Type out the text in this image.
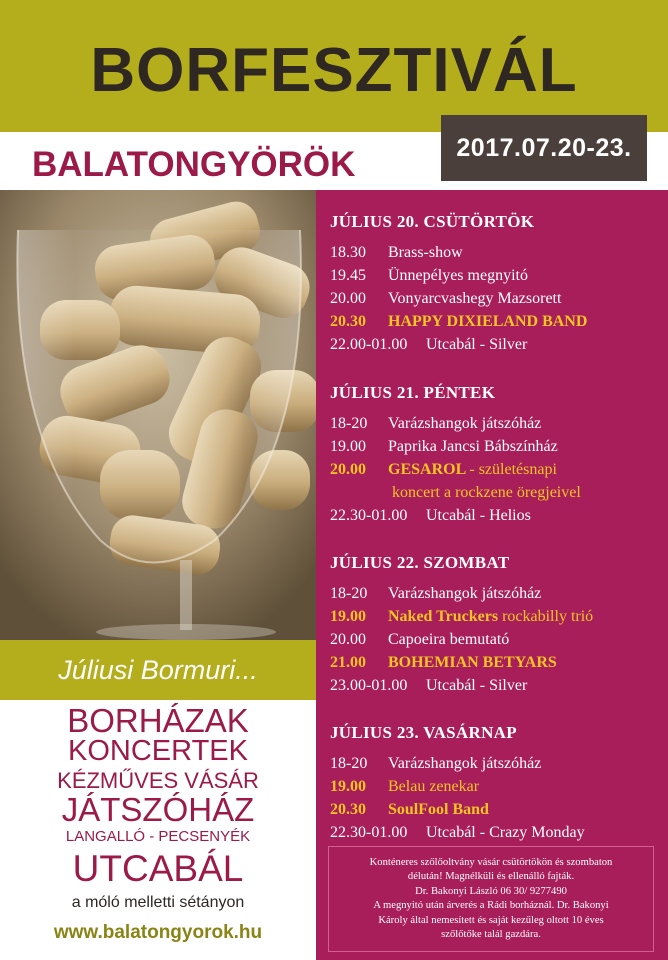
BORFESZTIVÁL
2017.07.20-23.
BALATONGYÖRÖK
JÚLIUS 20. CSÜTÖRTÖK
18.30 Brass-show
19.45 Ünnepélyes megnyitó
20.00 Vonyarcvashegy Mazsorett
20.30 HAPPY DIXIELAND BAND
22.00-01.00 Utcabál - Silver
JÚLIUS 21. PÉNTEK
18-20 Varázshangok játszóház
19.00 Paprika Jancsi Bábszínház
20.00 GESAROL - születésnapi
koncert a rockzene öregjeivel
22.30-01.00 Utcabál - Helios
JÚLIUS 22. SZOMBAT
18-20 Varázshangok játszóház
19.00 Naked Truckers rockabilly trió
20.00 Capoeira bemutató
21.00 BOHEMIAN BETYARS
23.00-01.00 Utcabál - Silver
JÚLIUS 23. VASÁRNAP
18-20 Varázshangok játszóház
19.00 Belau zenekar
20.30 SoulFool Band
22.30-01.00 Utcabál - Crazy Monday
Konténeres szőlőoltvány vásár csütörtökön és szombaton
délután! Magnélküli és ellenálló fajták.
Dr. Bakonyi László 06 30/ 9277490
A megnyitó után árverés a Rádi borháznál. Dr. Bakonyi
Károly által nemesített és saját kezűleg oltott 10 éves
szőlőtőke talál gazdára.
Júliusi Bormuri...
BORHÁZAK
KONCERTEK
KÉZMŰVES VÁSÁR
JÁTSZÓHÁZ
LANGALLÓ - PECSENYÉK
UTCABÁL
a móló melletti sétányon
www.balatongyorok.hu
